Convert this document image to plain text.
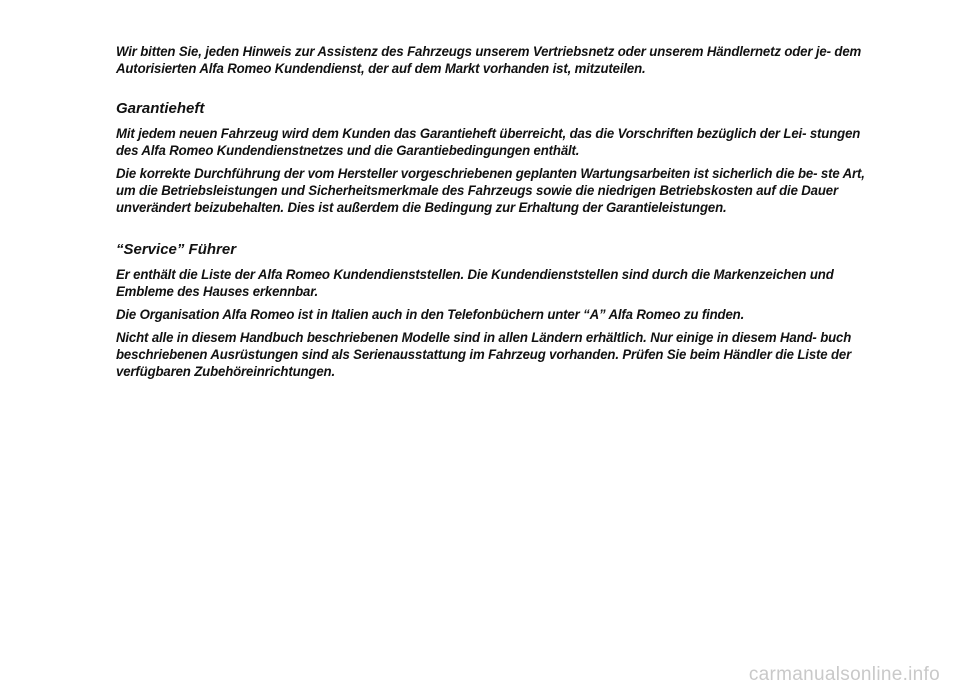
Wir bitten Sie, jeden Hinweis zur Assistenz des Fahrzeugs unserem Vertriebsnetz oder unserem Händlernetz oder je- dem Autorisierten Alfa Romeo Kundendienst, der auf dem Markt vorhanden ist, mitzuteilen.

Garantieheft

Mit jedem neuen Fahrzeug wird dem Kunden das Garantieheft überreicht, das die Vorschriften bezüglich der Lei- stungen des Alfa Romeo Kundendienstnetzes und die Garantiebedingungen enthält.

Die korrekte Durchführung der vom Hersteller vorgeschriebenen geplanten Wartungsarbeiten ist sicherlich die be- ste Art, um die Betriebsleistungen und Sicherheitsmerkmale des Fahrzeugs sowie die niedrigen Betriebskosten auf die Dauer unverändert beizubehalten. Dies ist außerdem die Bedingung zur Erhaltung der Garantieleistungen.

“Service” Führer

Er enthält die Liste der Alfa Romeo Kundendienststellen. Die Kundendienststellen sind durch die Markenzeichen und Embleme des Hauses erkennbar.

Die Organisation Alfa Romeo ist in Italien auch in den Telefonbüchern unter “A” Alfa Romeo zu finden.

Nicht alle in diesem Handbuch beschriebenen Modelle sind in allen Ländern erhältlich. Nur einige in diesem Hand- buch beschriebenen Ausrüstungen sind als Serienausstattung im Fahrzeug vorhanden. Prüfen Sie beim Händler die Liste der verfügbaren Zubehöreinrichtungen.

carmanualsonline.info
